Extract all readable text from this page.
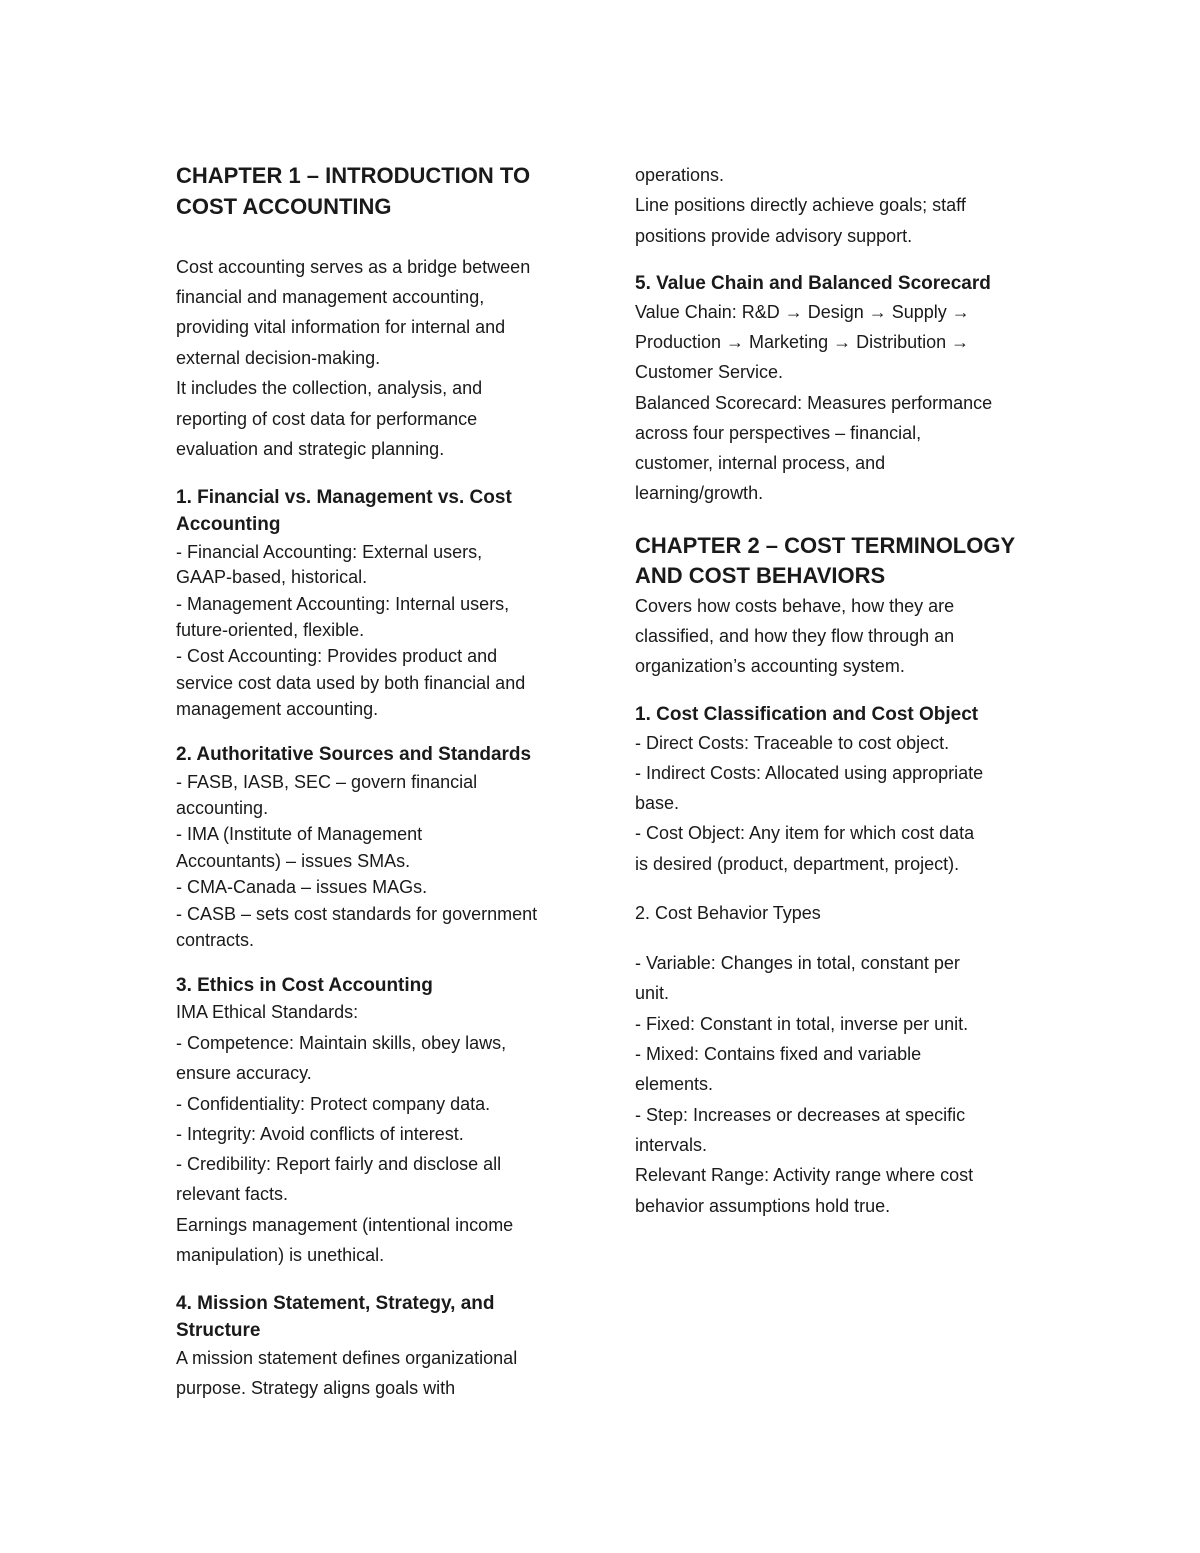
CHAPTER 1 – INTRODUCTION TO
COST ACCOUNTING
Cost accounting serves as a bridge between
financial and management accounting,
providing vital information for internal and
external decision-making.
It includes the collection, analysis, and
reporting of cost data for performance
evaluation and strategic planning.
1. Financial vs. Management vs. Cost
Accounting
- Financial Accounting: External users,
GAAP-based, historical.
- Management Accounting: Internal users,
future-oriented, flexible.
- Cost Accounting: Provides product and
service cost data used by both financial and
management accounting.
2. Authoritative Sources and Standards
- FASB, IASB, SEC – govern financial
accounting.
- IMA (Institute of Management
Accountants) – issues SMAs.
- CMA-Canada – issues MAGs.
- CASB – sets cost standards for government
contracts.
3. Ethics in Cost Accounting
IMA Ethical Standards:
- Competence: Maintain skills, obey laws,
ensure accuracy.
- Confidentiality: Protect company data.
- Integrity: Avoid conflicts of interest.
- Credibility: Report fairly and disclose all
relevant facts.
Earnings management (intentional income
manipulation) is unethical.
4. Mission Statement, Strategy, and
Structure
A mission statement defines organizational
purpose. Strategy aligns goals with
operations.
Line positions directly achieve goals; staff
positions provide advisory support.
5. Value Chain and Balanced Scorecard
Value Chain: R&D → Design → Supply →
Production → Marketing → Distribution →
Customer Service.
Balanced Scorecard: Measures performance
across four perspectives – financial,
customer, internal process, and
learning/growth.
CHAPTER 2 – COST TERMINOLOGY
AND COST BEHAVIORS
Covers how costs behave, how they are
classified, and how they flow through an
organization’s accounting system.
1. Cost Classification and Cost Object
- Direct Costs: Traceable to cost object.
- Indirect Costs: Allocated using appropriate
base.
- Cost Object: Any item for which cost data
is desired (product, department, project).
2. Cost Behavior Types
- Variable: Changes in total, constant per
unit.
- Fixed: Constant in total, inverse per unit.
- Mixed: Contains fixed and variable
elements.
- Step: Increases or decreases at specific
intervals.
Relevant Range: Activity range where cost
behavior assumptions hold true.
